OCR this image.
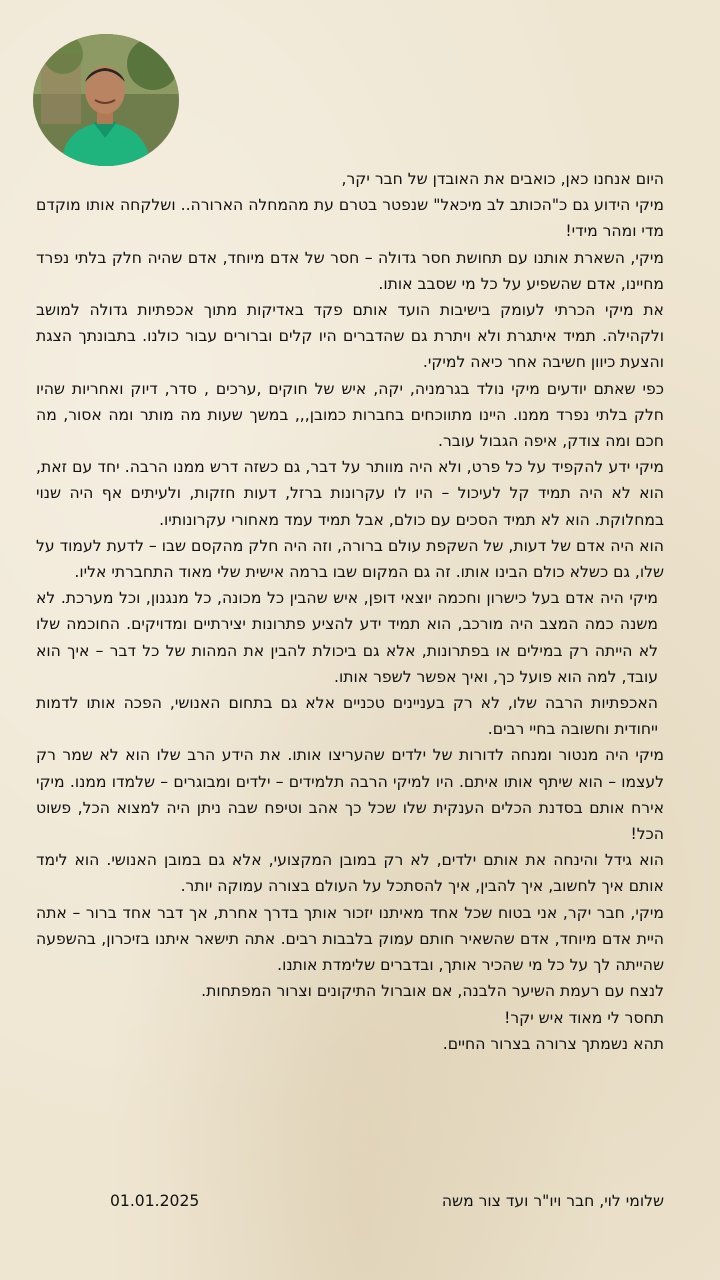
היום אנחנו כאן, כואבים את האובדן של חבר יקר,

מיקי הידוע גם כ"הכותב לב מיכאל" שנפטר בטרם עת מהמחלה הארורה.. ושלקחה אותו מוקדם מדי ומהר מידי!

מיקי, השארת אותנו עם תחושת חסר גדולה – חסר של אדם מיוחד, אדם שהיה חלק בלתי נפרד מחיינו, אדם שהשפיע על כל מי שסבב אותו.

את מיקי הכרתי לעומק בישיבות הועד אותם פקד באדיקות מתוך אכפתיות גדולה למושב ולקהילה. תמיד איתגרת ולא ויתרת גם שהדברים היו קלים וברורים עבור כולנו. בתבונתך הצגת והצעת כיוון חשיבה אחר כיאה למיקי.

כפי שאתם יודעים מיקי נולד בגרמניה, יקה, איש של חוקים ,ערכים , סדר, דיוק ואחריות שהיו חלק בלתי נפרד ממנו. היינו מתווכחים בחברות כמובן,,, במשך שעות מה מותר ומה אסור, מה חכם ומה צודק, איפה הגבול עובר.

מיקי ידע להקפיד על כל פרט, ולא היה מוותר על דבר, גם כשזה דרש ממנו הרבה. יחד עם זאת, הוא לא היה תמיד קל לעיכול – היו לו עקרונות ברזל, דעות חזקות, ולעיתים אף היה שנוי במחלוקת. הוא לא תמיד הסכים עם כולם, אבל תמיד עמד מאחורי עקרונותיו.

הוא היה אדם של דעות, של השקפת עולם ברורה, וזה היה חלק מהקסם שבו – לדעת לעמוד על שלו, גם כשלא כולם הבינו אותו. זה גם המקום שבו ברמה אישית שלי מאוד התחברתי אליו.

מיקי היה אדם בעל כישרון וחכמה יוצאי דופן, איש שהבין כל מכונה, כל מנגנון, וכל מערכת. לא משנה כמה המצב היה מורכב, הוא תמיד ידע להציע פתרונות יצירתיים ומדויקים. החוכמה שלו לא הייתה רק במילים או בפתרונות, אלא גם ביכולת להבין את המהות של כל דבר – איך הוא עובד, למה הוא פועל כך, ואיך אפשר לשפר אותו.

האכפתיות הרבה שלו, לא רק בעניינים טכניים אלא גם בתחום האנושי, הפכה אותו לדמות ייחודית וחשובה בחיי רבים.

מיקי היה מנטור ומנחה לדורות של ילדים שהעריצו אותו. את הידע הרב שלו הוא לא שמר רק לעצמו – הוא שיתף אותו איתם. היו למיקי הרבה תלמידים – ילדים ומבוגרים – שלמדו ממנו. מיקי אירח אותם בסדנת הכלים הענקית שלו שכל כך אהב וטיפח שבה ניתן היה למצוא הכל, פשוט הכל!

הוא גידל והינחה את אותם ילדים, לא רק במובן המקצועי, אלא גם במובן האנושי. הוא לימד אותם איך לחשוב, איך להבין, איך להסתכל על העולם בצורה עמוקה יותר.

מיקי, חבר יקר, אני בטוח שכל אחד מאיתנו יזכור אותך בדרך אחרת, אך דבר אחד ברור – אתה היית אדם מיוחד, אדם שהשאיר חותם עמוק בלבבות רבים. אתה תישאר איתנו בזיכרון, בהשפעה שהייתה לך על כל מי שהכיר אותך, ובדברים שלימדת אותנו.

לנצח עם רעמת השיער הלבנה, אם אוברול התיקונים וצרור המפתחות.

תחסר לי מאוד איש יקר!

תהא נשמתך צרורה בצרור החיים.

שלומי לוי, חבר ויו"ר ועד צור משה
01.01.2025
